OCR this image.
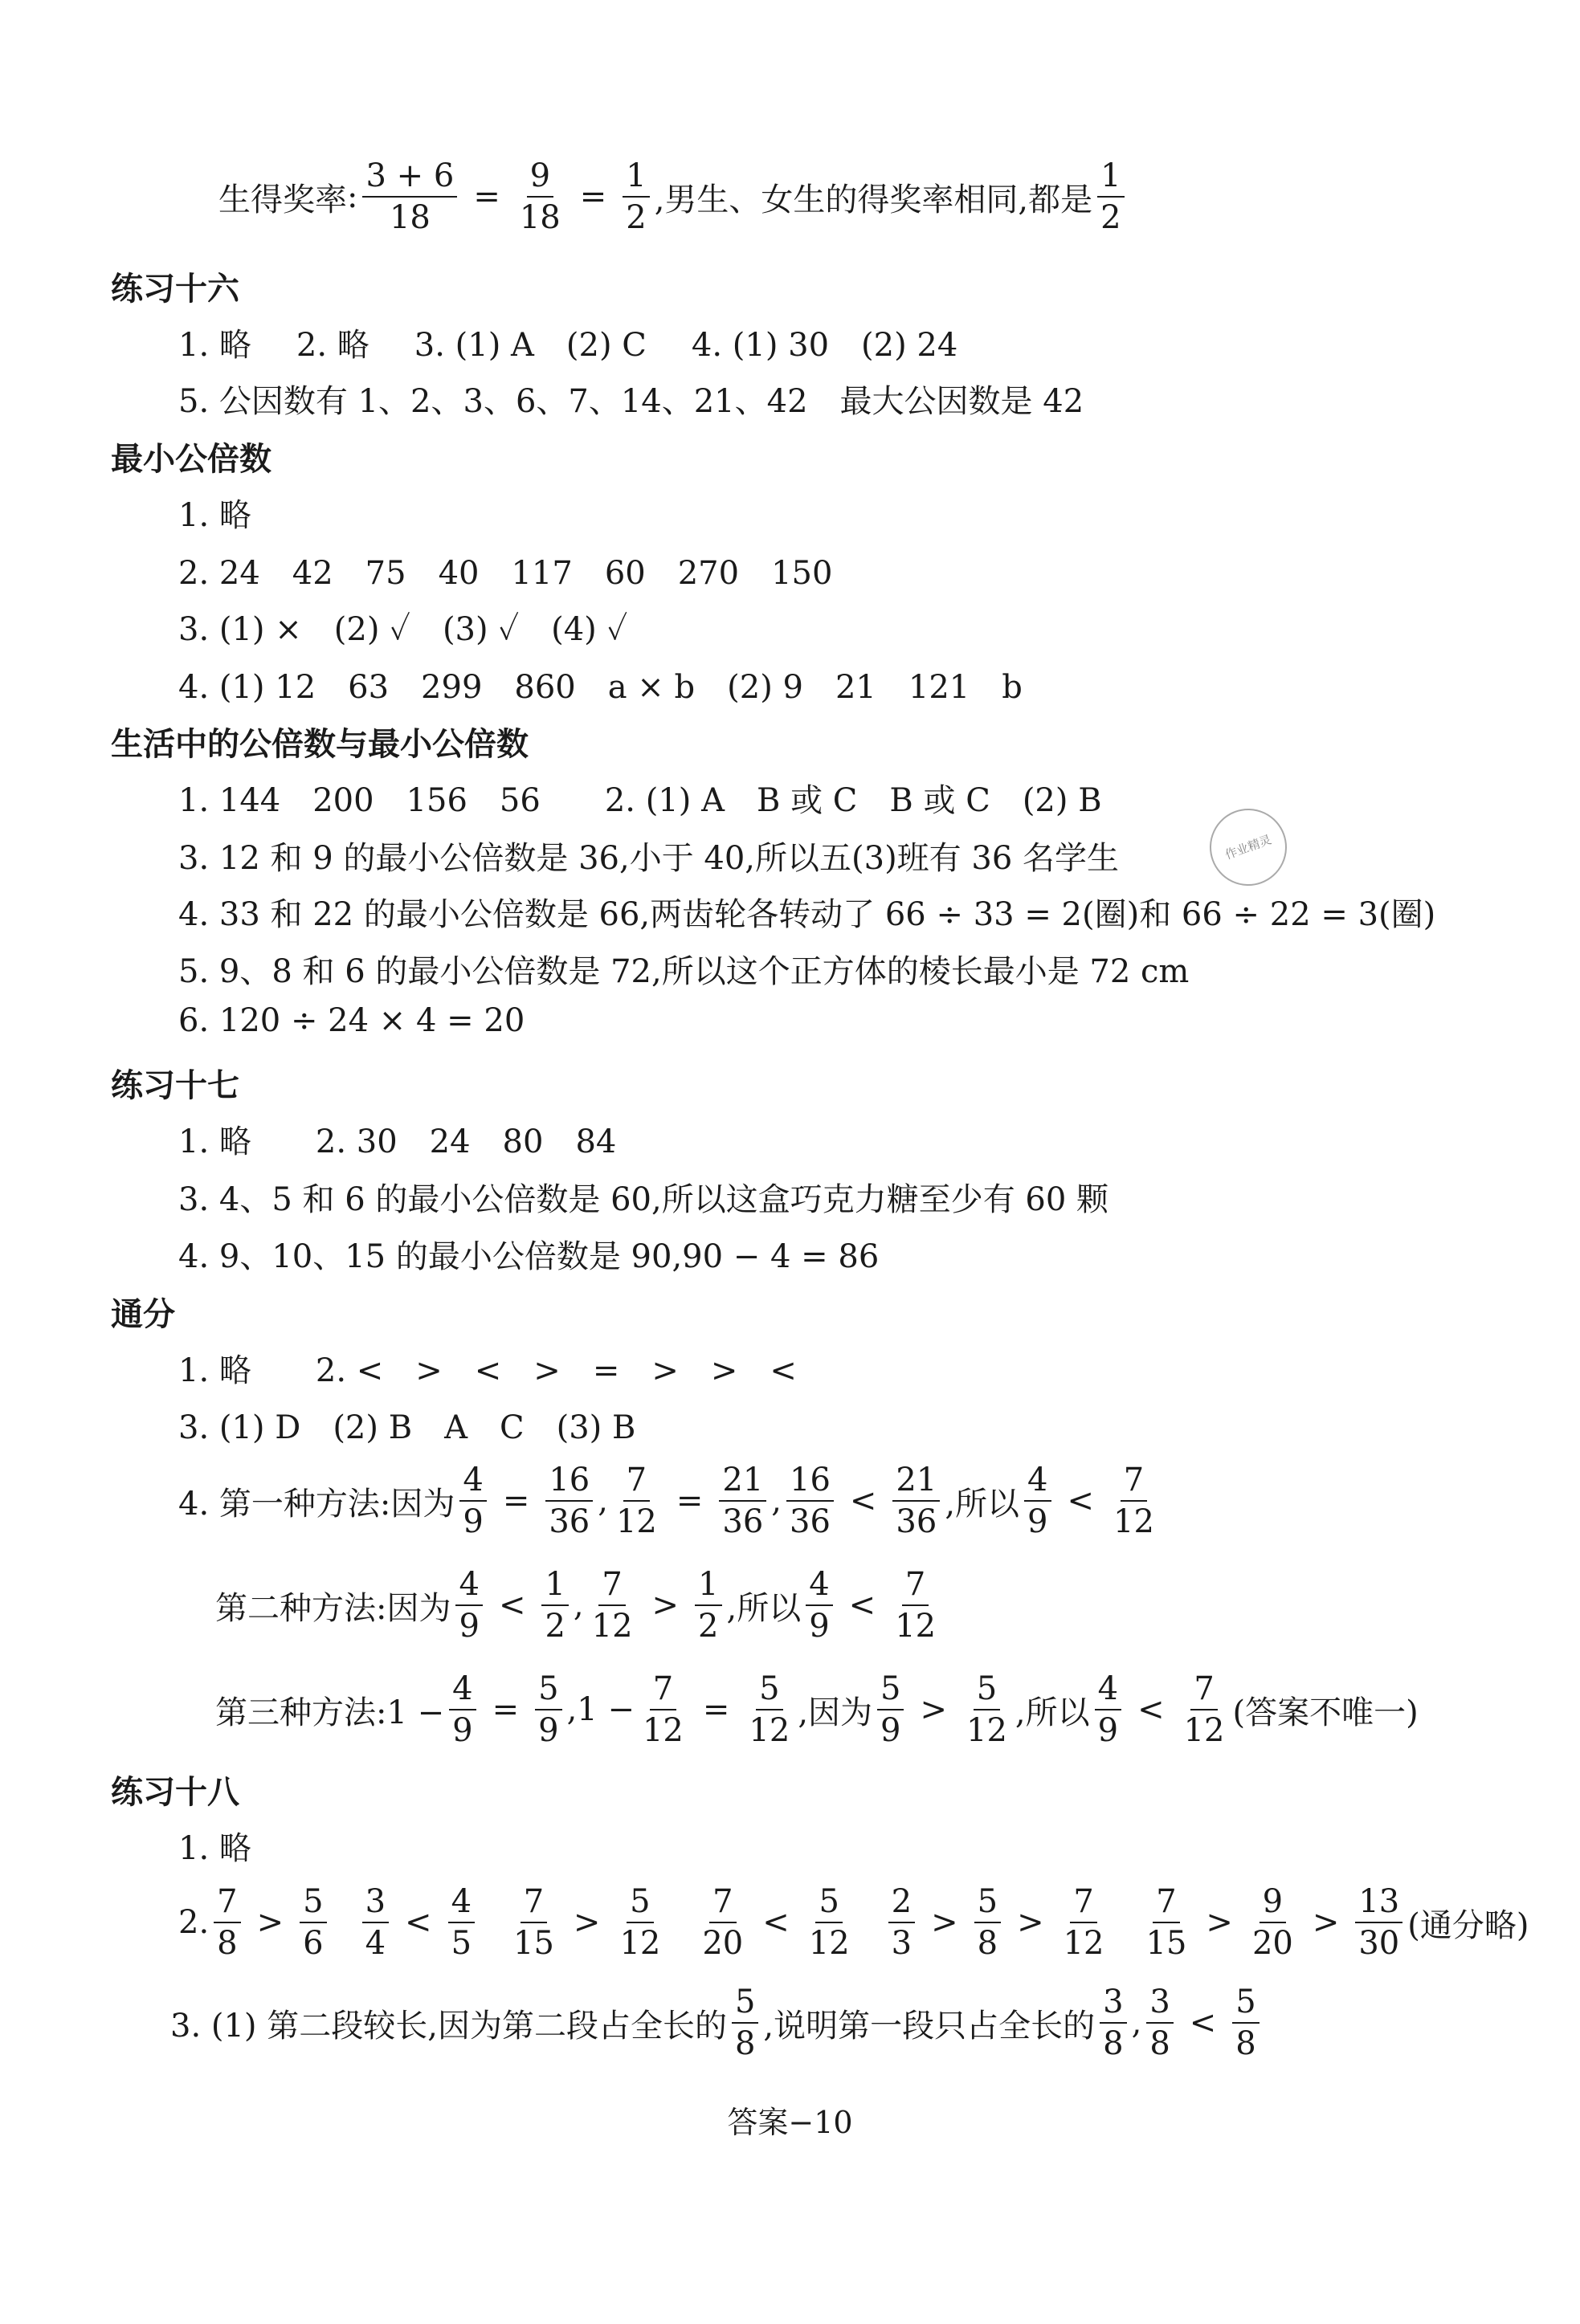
生得奖率 : $\frac{3 + 6}{18} = \frac{9}{18} = \frac{1}{2}$ ,男生、女生的得奖率相同,都是 $\frac{1}{2}$
练习十六
1. 略 2. 略 3. (1) A　(2) C 4. (1) 30　(2) 24
5. 公因数有 1、2、3、6、7、14、21、42　最大公因数是 42
最小公倍数
1. 略
2. 24　42　75　40　117　60　270　150
3. (1) ×　(2) ✓　(3) ✓　(4) ✓
4. (1) 12　63　299　860　a × b　(2) 9　21　121　b
生活中的公倍数与最小公倍数
1. 144　200　156　56　　2. (1) A　B 或 C　B 或 C　(2) B
3. 12 和 9 的最小公倍数是 36,小于 40,所以五(3)班有 36 名学生
4. 33 和 22 的最小公倍数是 66,两齿轮各转动了 66 ÷ 33 = 2(圈)和 66 ÷ 22 = 3(圈)
5. 9、8 和 6 的最小公倍数是 72,所以这个正方体的棱长最小是 72 cm
6. 120 ÷ 24 × 4 = 20
作业精灵
练习十七
1. 略　　2. 30　24　80　84
3. 4、5 和 6 的最小公倍数是 60,所以这盒巧克力糖至少有 60 颗
4. 9、10、15 的最小公倍数是 90,90 − 4 = 86
通分
1. 略　　2. <　>　<　>　=　>　>　<
3. (1) D　(2) B　A　C　(3) B
4. 第一种方法:因为 $\frac{4}{9} = \frac{16}{36}$ , $\frac{7}{12} = \frac{21}{36}$ , $\frac{16}{36} < \frac{21}{36}$ ,所以 $\frac{4}{9} < \frac{7}{12}$
第二种方法:因为 $\frac{4}{9} < \frac{1}{2}$ , $\frac{7}{12} > \frac{1}{2}$ ,所以 $\frac{4}{9} < \frac{7}{12}$
第三种方法:1 − $\frac{4}{9} = \frac{5}{9} ,1 - \frac{7}{12} = \frac{5}{12}$ ,因为 $\frac{5}{9} > \frac{5}{12}$ ,所以 $\frac{4}{9} < \frac{7}{12}$ (答案不唯一)
练习十八
1. 略
2. $\frac{7}{8} > \frac{5}{6} \frac{3}{4} < \frac{4}{5} \frac{7}{15} > \frac{5}{12} \frac{7}{20} < \frac{5}{12} \frac{2}{3} > \frac{5}{8} > \frac{7}{12} \frac{7}{15} > \frac{9}{20} > \frac{13}{30}$ (通分略)
3. (1) 第二段较长,因为第二段占全长的 $\frac{5}{8}$ ,说明第一段只占全长的 $\frac{3}{8}$ , $\frac{3}{8} < \frac{5}{8}$
答案−10
